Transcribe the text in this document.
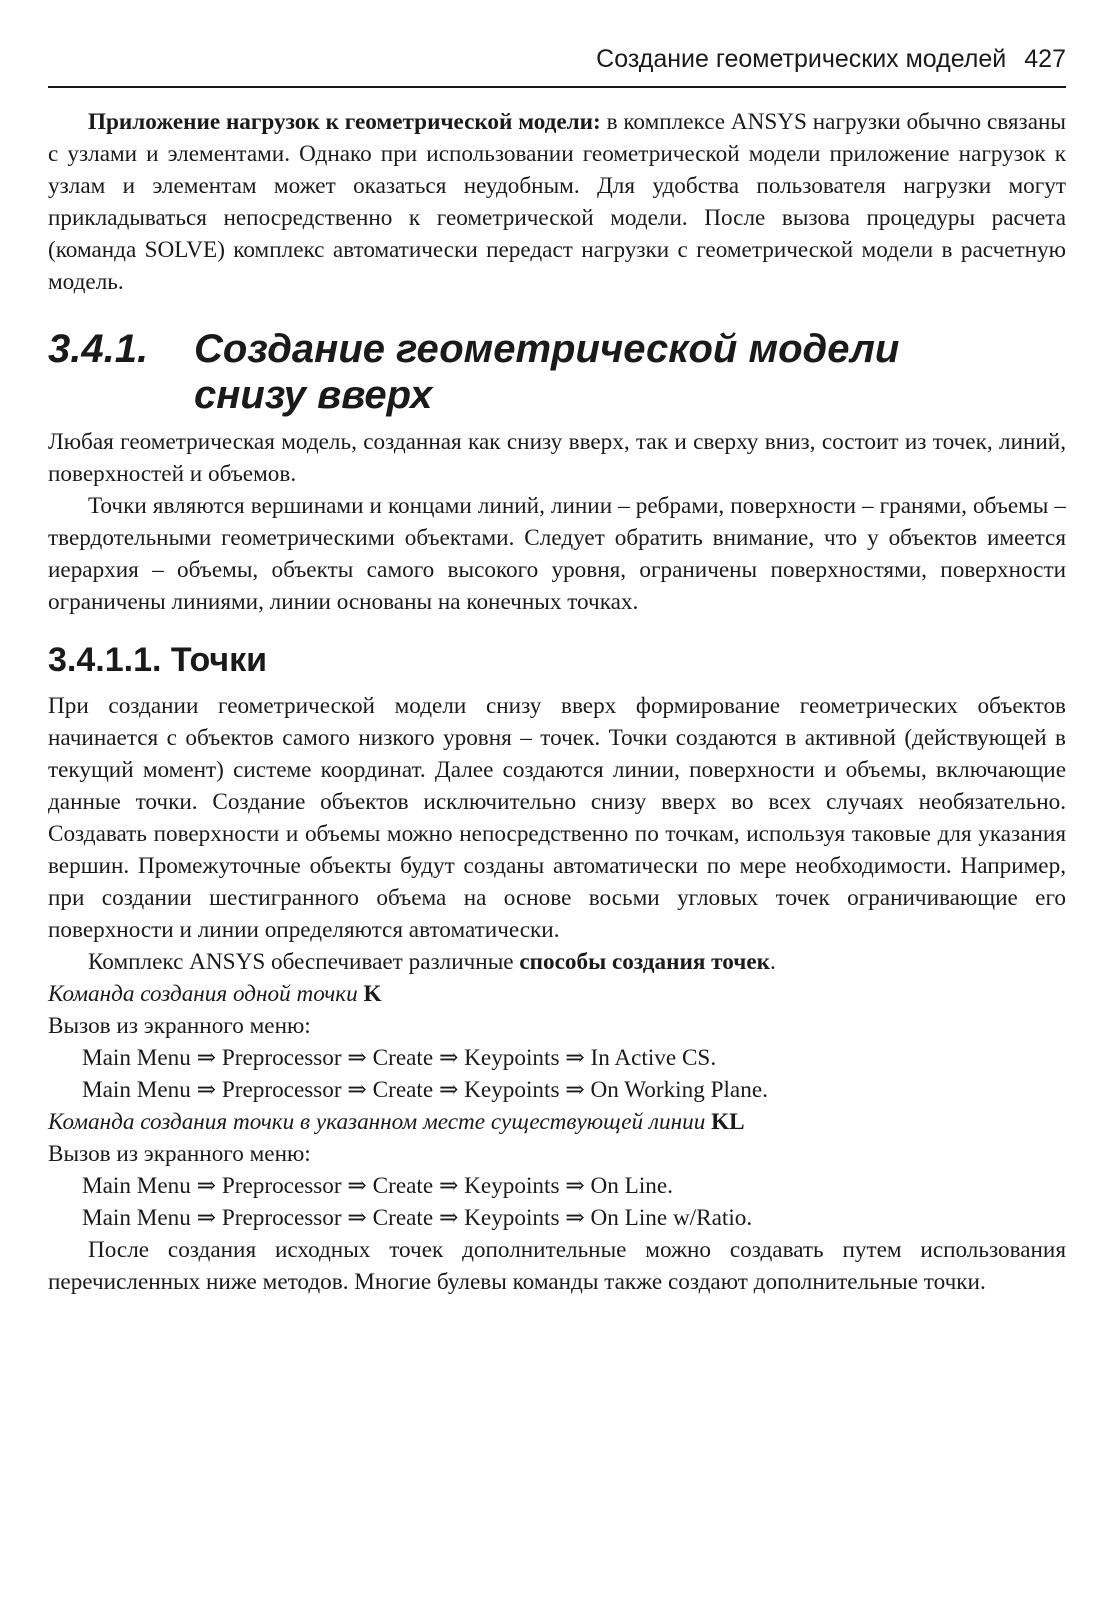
Создание геометрических моделей 427

Приложение нагрузок к геометрической модели: в комплексе ANSYS нагрузки обычно связаны с узлами и элементами. Однако при использовании геометрической модели приложение нагрузок к узлам и элементам может оказаться неудобным. Для удобства пользователя нагрузки могут прикладываться непосредственно к геометрической модели. После вызова процедуры расчета (команда SOLVE) комплекс автоматически передаст нагрузки с геометрической модели в расчетную модель.

3.4.1. Создание геометрической модели
снизу вверх

Любая геометрическая модель, созданная как снизу вверх, так и сверху вниз, состоит из точек, линий, поверхностей и объемов.

Точки являются вершинами и концами линий, линии – ребрами, поверхности – гранями, объемы – твердотельными геометрическими объектами. Следует обратить внимание, что у объектов имеется иерархия – объемы, объекты самого высокого уровня, ограничены поверхностями, поверхности ограничены линиями, линии основаны на конечных точках.

3.4.1.1. Точки

При создании геометрической модели снизу вверх формирование геометрических объектов начинается с объектов самого низкого уровня – точек. Точки создаются в активной (действующей в текущий момент) системе координат. Далее создаются линии, поверхности и объемы, включающие данные точки. Создание объектов исключительно снизу вверх во всех случаях необязательно. Создавать поверхности и объемы можно непосредственно по точкам, используя таковые для указания вершин. Промежуточные объекты будут созданы автоматически по мере необходимости. Например, при создании шестигранного объема на основе восьми угловых точек ограничивающие его поверхности и линии определяются автоматически.

Комплекс ANSYS обеспечивает различные способы создания точек.

Команда создания одной точки K

Вызов из экранного меню:

Main Menu ⇒ Preprocessor ⇒ Create ⇒ Keypoints ⇒ In Active CS.

Main Menu ⇒ Preprocessor ⇒ Create ⇒ Keypoints ⇒ On Working Plane.

Команда создания точки в указанном месте существующей линии KL

Вызов из экранного меню:

Main Menu ⇒ Preprocessor ⇒ Create ⇒ Keypoints ⇒ On Line.

Main Menu ⇒ Preprocessor ⇒ Create ⇒ Keypoints ⇒ On Line w/Ratio.

После создания исходных точек дополнительные можно создавать путем использования перечисленных ниже методов. Многие булевы команды также создают дополнительные точки.
